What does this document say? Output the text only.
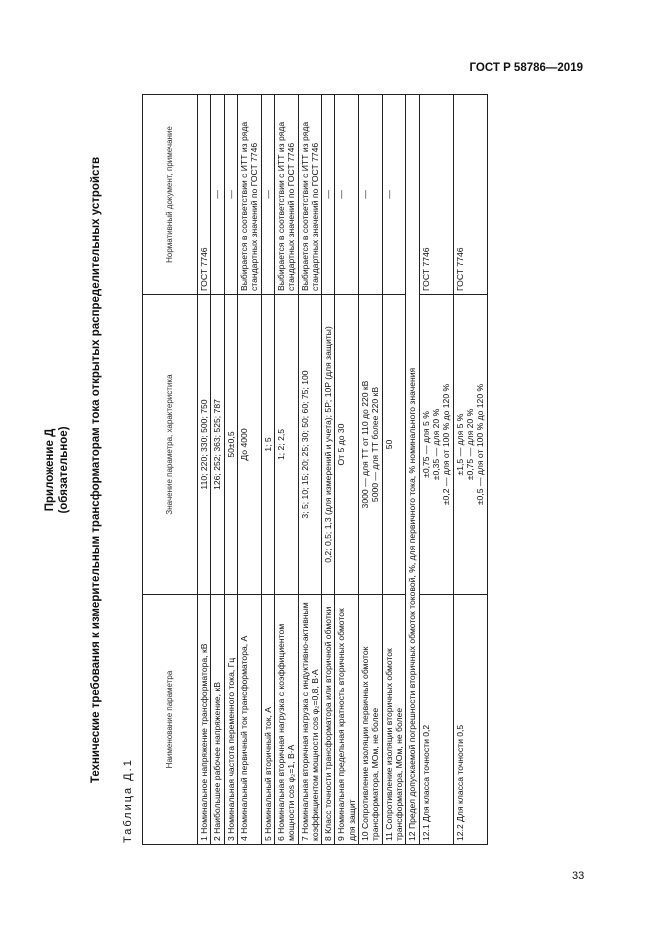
ГОСТ Р 58786—2019
Приложение Д (обязательное) Технические требования к измерительным трансформаторам тока открытых распределительных устройств
Таблица Д.1
Наименование параметра	Значение параметра, характеристика	Нормативный документ, примечание
1 Номинальное напряжение трансформатора, кВ	110; 220; 330; 500; 750	ГОСТ 7746
2 Наибольшее рабочее напряжение, кВ	126; 252; 363; 525; 787	—
3 Номинальная частота переменного тока, Гц	50±0,5	—
4 Номинальный первичный ток трансформатора, А	До 4000	Выбирается в соответствии с ИТТ из ряда стандартных значений по ГОСТ 7746
5 Номинальный вторичный ток, А	1; 5	—
6 Номинальная вторичная нагрузка с коэффициентом мощности cos φ₂=1, В·А	1; 2; 2,5	Выбирается в соответствии с ИТТ из ряда стандартных значений по ГОСТ 7746
7 Номинальная вторичная нагрузка с индуктивно-активным коэффициентом мощности cos φ₂=0,8, В·А	3; 5; 10; 15; 20; 25; 30; 50; 60; 75; 100	Выбирается в соответствии с ИТТ из ряда стандартных значений по ГОСТ 7746
8 Класс точности трансформатора или вторичной обмотки	0,2; 0,5; 1,3 (для измерений и учета); 5P; 10P (для защиты)	—
9 Номинальная предельная кратность вторичных обмоток для защит	От 5 до 30	—
10 Сопротивление изоляции первичных обмоток трансформатора, МОм, не более	3000 — для ТТ от 110 до 220 кВ 5000 — для ТТ более 220 кВ	—
11 Сопротивление изоляции вторичных обмоток трансформатора, МОм, не более	50	—
12 Предел допускаемой погрешности вторичных обмоток токовой, %, для первичного тока, % номинального значения		
12.1 Для класса точности 0,2	±0,75 — для 5 % ±0,35 — для 20 % ±0,2 — для от 100 % до 120 %	ГОСТ 7746
12.2 Для класса точности 0,5	±1,5 — для 5 % ±0,75 — для 20 % ±0,5 — для от 100 % до 120 %	ГОСТ 7746
33
